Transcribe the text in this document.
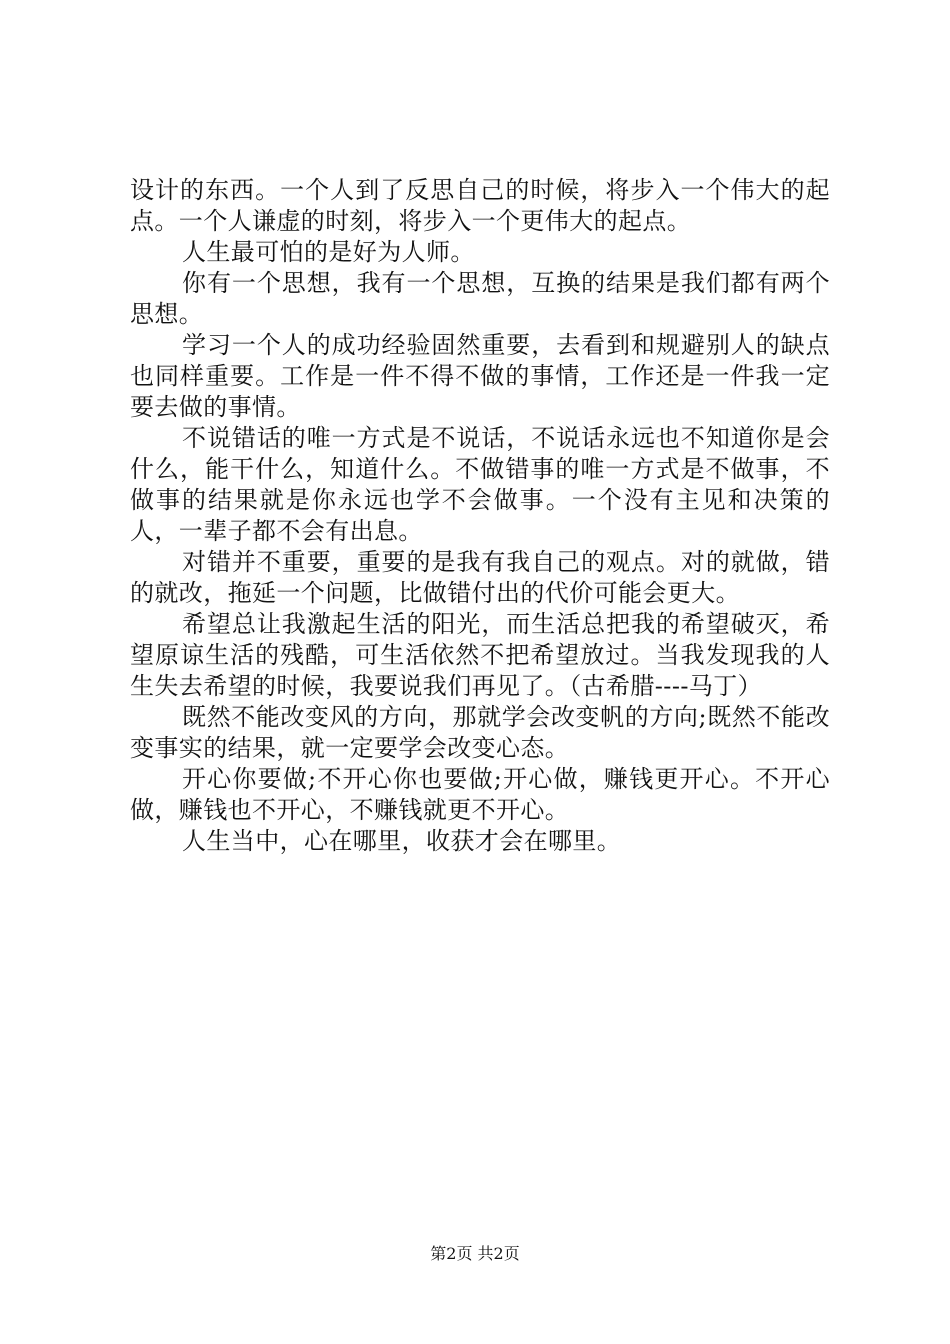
设计的东西。一个人到了反思自己的时候，将步入一个伟大的起点。一个人谦虚的时刻，将步入一个更伟大的起点。

人生最可怕的是好为人师。

你有一个思想，我有一个思想，互换的结果是我们都有两个思想。

学习一个人的成功经验固然重要，去看到和规避别人的缺点也同样重要。工作是一件不得不做的事情，工作还是一件我一定要去做的事情。

不说错话的唯一方式是不说话，不说话永远也不知道你是会什么，能干什么，知道什么。不做错事的唯一方式是不做事，不做事的结果就是你永远也学不会做事。一个没有主见和决策的人，一辈子都不会有出息。

对错并不重要，重要的是我有我自己的观点。对的就做，错的就改，拖延一个问题，比做错付出的代价可能会更大。

希望总让我激起生活的阳光，而生活总把我的希望破灭，希望原谅生活的残酷，可生活依然不把希望放过。当我发现我的人生失去希望的时候，我要说我们再见了。（古希腊----马丁）

既然不能改变风的方向，那就学会改变帆的方向;既然不能改变事实的结果，就一定要学会改变心态。

开心你要做;不开心你也要做;开心做，赚钱更开心。不开心做，赚钱也不开心，不赚钱就更不开心。

人生当中，心在哪里，收获才会在哪里。

第2页 共2页
